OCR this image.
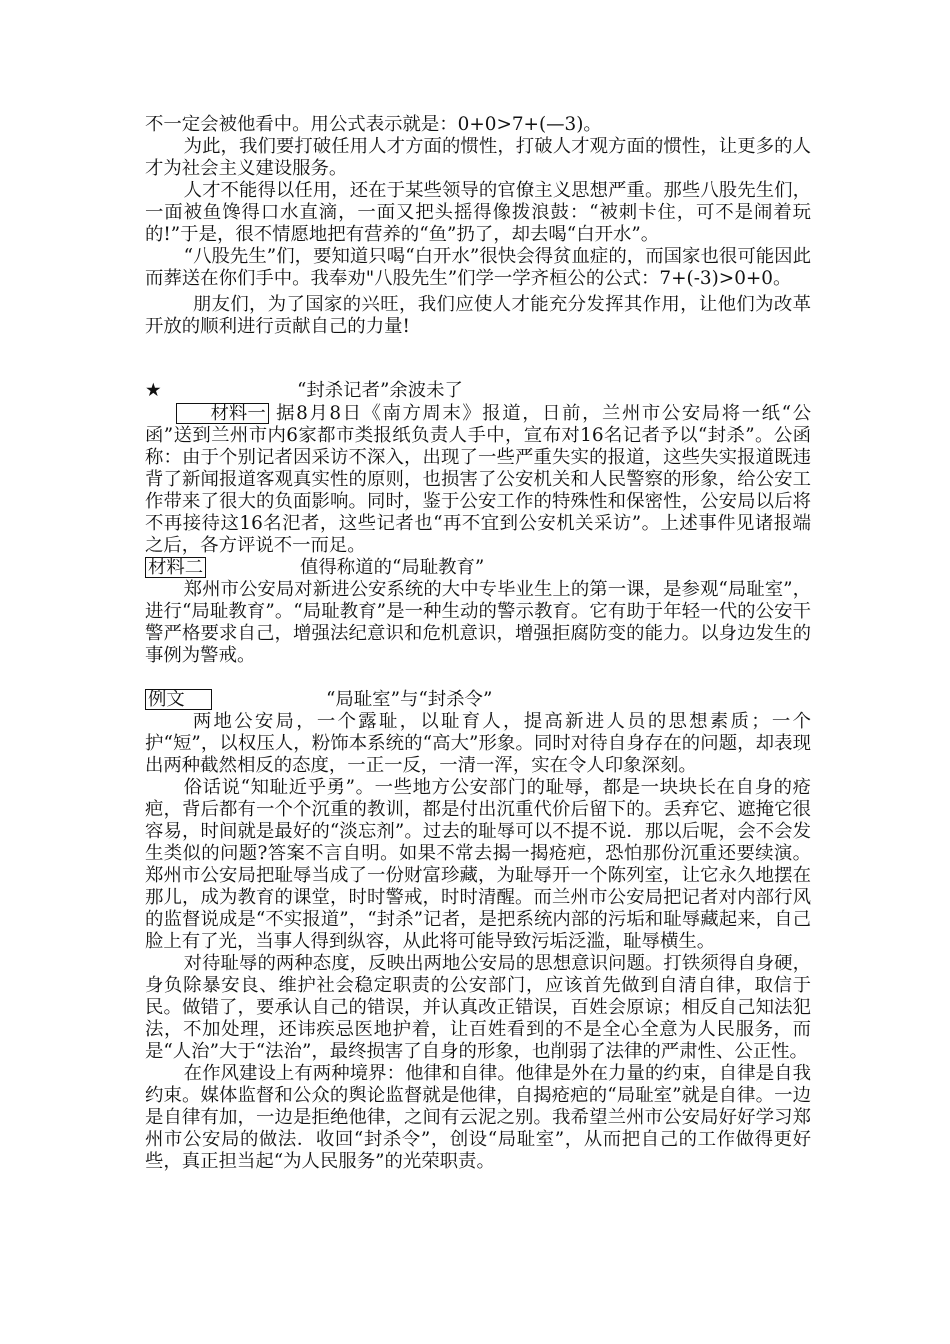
不一定会被他看中。用公式表示就是：0+0>7+(—3)。

为此，我们要打破任用人才方面的惯性，打破人才观方面的惯性，让更多的人才为社会主义建设服务。

人才不能得以任用，还在于某些领导的官僚主义思想严重。那些八股先生们，一面被鱼馋得口水直滴，一面又把头摇得像拨浪鼓：“被刺卡住，可不是闹着玩的!”于是，很不情愿地把有营养的“鱼”扔了，却去喝“白开水”。

“八股先生”们，要知道只喝“白开水”很快会得贫血症的，而国家也很可能因此而葬送在你们手中。我奉劝"八股先生”们学一学齐桓公的公式：7+(-3)>0+0。

朋友们，为了国家的兴旺，我们应使人才能充分发挥其作用，让他们为改革开放的顺利进行贡献自己的力量!

★	“封杀记者”余波未了

材料一 据8月8日《南方周末》报道，日前，兰州市公安局将一纸“公函”送到兰州市内6家都市类报纸负责人手中，宣布对16名记者予以“封杀”。公函称：由于个别记者因采访不深入，出现了一些严重失实的报道，这些失实报道既违背了新闻报道客观真实性的原则，也损害了公安机关和人民警察的形象，给公安工作带来了很大的负面影响。同时，鉴于公安工作的特殊性和保密性，公安局以后将不再接待这16名汜者，这些记者也“再不宜到公安机关采访”。上述事件见诸报端之后，各方评说不一而足。

材料二	值得称道的“局耻教育”

郑州市公安局对新进公安系统的大中专毕业生上的第一课，是参观“局耻室”，进行“局耻教育”。“局耻教育”是一种生动的警示教育。它有助于年轻一代的公安干警严格要求自己，增强法纪意识和危机意识，增强拒腐防变的能力。以身边发生的事例为警戒。

例文	“局耻室”与“封杀令”

两地公安局，一个露耻，以耻育人，提高新进人员的思想素质；一个护“短”，以权压人，粉饰本系统的“高大”形象。同时对待自身存在的问题，却表现出两种截然相反的态度，一正一反，一清一浑，实在令人印象深刻。

俗话说“知耻近乎勇”。一些地方公安部门的耻辱，都是一块块长在自身的疮疤，背后都有一个个沉重的教训，都是付出沉重代价后留下的。丢弃它、遮掩它很容易，时间就是最好的“淡忘剂”。过去的耻辱可以不提不说．那以后呢，会不会发生类似的问题?答案不言自明。如果不常去揭一揭疮疤，恐怕那份沉重还要续演。郑州市公安局把耻辱当成了一份财富珍藏，为耻辱开一个陈列室，让它永久地摆在那儿，成为教育的课堂，时时警戒，时时清醒。而兰州市公安局把记者对内部行风的监督说成是“不实报道”，“封杀”记者，是把系统内部的污垢和耻辱藏起来，自己脸上有了光，当事人得到纵容，从此将可能导致污垢泛滥，耻辱横生。

对待耻辱的两种态度，反映出两地公安局的思想意识问题。打铁须得自身硬，身负除暴安良、维护社会稳定职责的公安部门，应该首先做到自清自律，取信于民。做错了，要承认自己的错误，并认真改正错误，百姓会原谅；相反自己知法犯法，不加处理，还讳疾忌医地护着，让百姓看到的不是全心全意为人民服务，而是“人治”大于“法治”，最终损害了自身的形象，也削弱了法律的严肃性、公正性。

在作风建设上有两种境界：他律和自律。他律是外在力量的约束，自律是自我约束。媒体监督和公众的舆论监督就是他律，自揭疮疤的“局耻室”就是自律。一边是自律有加，一边是拒绝他律，之间有云泥之别。我希望兰州市公安局好好学习郑州市公安局的做法．收回“封杀令”，创设“局耻室”，从而把自己的工作做得更好些，真正担当起“为人民服务”的光荣职责。
